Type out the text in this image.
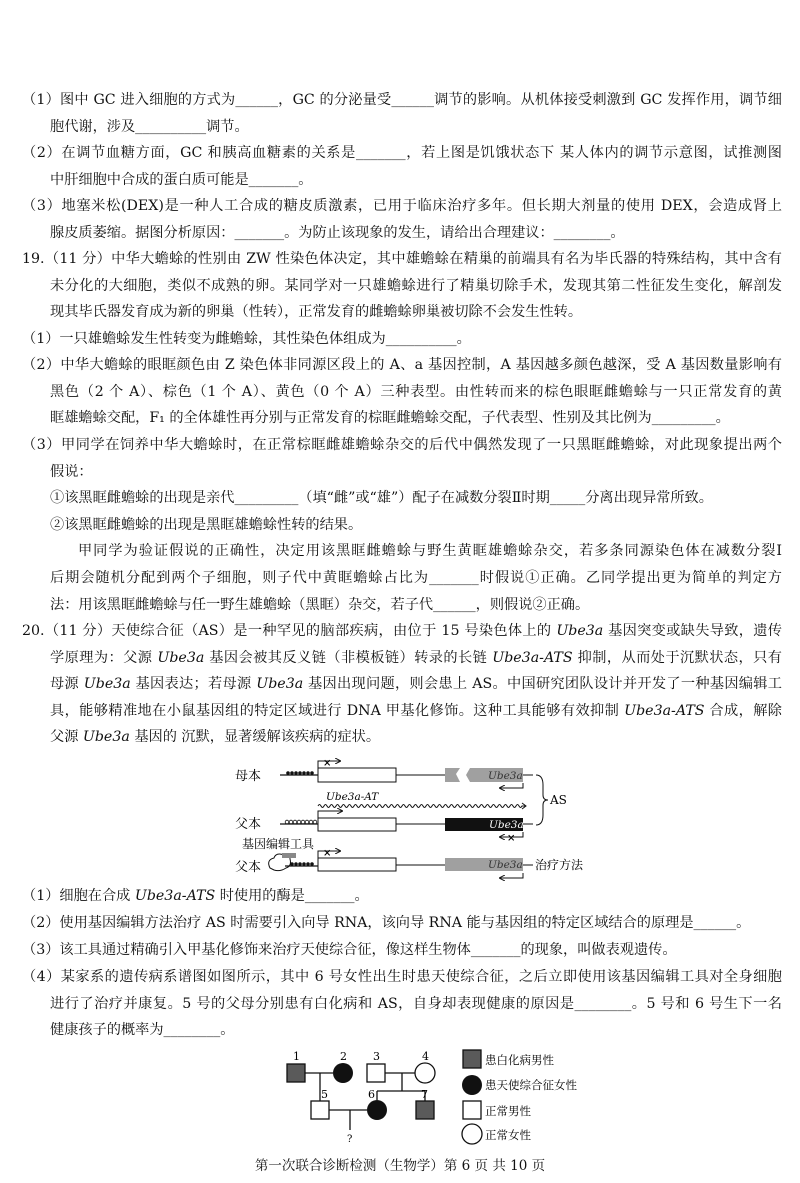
（1）图中 GC 进入细胞的方式为______，GC 的分泌量受______调节的影响。从机体接受刺激到 GC 发挥作用，调节细
胞代谢，涉及__________调节。
（2）在调节血糖方面，GC 和胰高血糖素的关系是_______，若上图是饥饿状态下 某人体内的调节示意图，试推测图
中肝细胞中合成的蛋白质可能是_______。
（3）地塞米松(DEX)是一种人工合成的糖皮质激素，已用于临床治疗多年。但长期大剂量的使用 DEX，会造成肾上
腺皮质萎缩。据图分析原因：_______。为防止该现象的发生，请给出合理建议：________。
19.（11 分）中华大蟾蜍的性别由 ZW 性染色体决定，其中雄蟾蜍在精巢的前端具有名为毕氏器的特殊结构，其中含有
未分化的大细胞，类似不成熟的卵。某同学对一只雄蟾蜍进行了精巢切除手术，发现其第二性征发生变化，解剖发
现其毕氏器发育成为新的卵巢（性转），正常发育的雌蟾蜍卵巢被切除不会发生性转。
（1）一只雄蟾蜍发生性转变为雌蟾蜍，其性染色体组成为__________。
（2）中华大蟾蜍的眼眶颜色由 Z 染色体非同源区段上的 A、a 基因控制，A 基因越多颜色越深，受 A 基因数量影响有
黑色（2 个 A）、棕色（1 个 A）、黄色（0 个 A）三种表型。由性转而来的棕色眼眶雌蟾蜍与一只正常发育的黄
眶雄蟾蜍交配，F₁ 的全体雄性再分别与正常发育的棕眶雌蟾蜍交配，子代表型、性别及其比例为_________。
（3）甲同学在饲养中华大蟾蜍时，在正常棕眶雌雄蟾蜍杂交的后代中偶然发现了一只黑眶雌蟾蜍，对此现象提出两个
假说：
①该黑眶雌蟾蜍的出现是亲代_________（填“雌”或“雄”）配子在减数分裂Ⅱ时期_____分离出现异常所致。
②该黑眶雌蟾蜍的出现是黑眶雄蟾蜍性转的结果。
甲同学为验证假说的正确性，决定用该黑眶雌蟾蜍与野生黄眶雄蟾蜍杂交，若多条同源染色体在减数分裂Ⅰ
后期会随机分配到两个子细胞，则子代中黄眶蟾蜍占比为_______时假说①正确。乙同学提出更为简单的判定方
法：用该黑眶雌蟾蜍与任一野生雄蟾蜍（黑眶）杂交，若子代______，则假说②正确。
20.（11 分）天使综合征（AS）是一种罕见的脑部疾病，由位于 15 号染色体上的 Ube3a 基因突变或缺失导致，遗传
学原理为：父源 Ube3a 基因会被其反义链（非模板链）转录的长链 Ube3a-ATS 抑制，从而处于沉默状态，只有
母源 Ube3a 基因表达；若母源 Ube3a 基因出现问题，则会患上 AS。中国研究团队设计并开发了一种基因编辑工
具，能够精准地在小鼠基因组的特定区域进行 DNA 甲基化修饰。这种工具能够有效抑制 Ube3a-ATS 合成，解除
父源 Ube3a 基因的 沉默，显著缓解该疾病的症状。
（1）细胞在合成 Ube3a-ATS 时使用的酶是_______。
（2）使用基因编辑方法治疗 AS 时需要引入向导 RNA，该向导 RNA 能与基因组的特定区域结合的原理是______。
（3）该工具通过精确引入甲基化修饰来治疗天使综合征，像这样生物体_______的现象，叫做表观遗传。
（4）某家系的遗传病系谱图如图所示，其中 6 号女性出生时患天使综合征，之后立即使用该基因编辑工具对全身细胞
进行了治疗并康复。5 号的父母分别患有白化病和 AS，自身却表现健康的原因是________。5 号和 6 号生下一名
健康孩子的概率为________。
母本
×
Ube3a
Ube3a-AT
父本	Ube3a
×
AS
基因编辑工具
父本
×
Ube3a 治疗方法
1	2 3	4
5	6	7
?
患白化病男性
患天使综合征女性
正常男性
正常女性
第一次联合诊断检测（生物学）第 6 页 共 10 页
